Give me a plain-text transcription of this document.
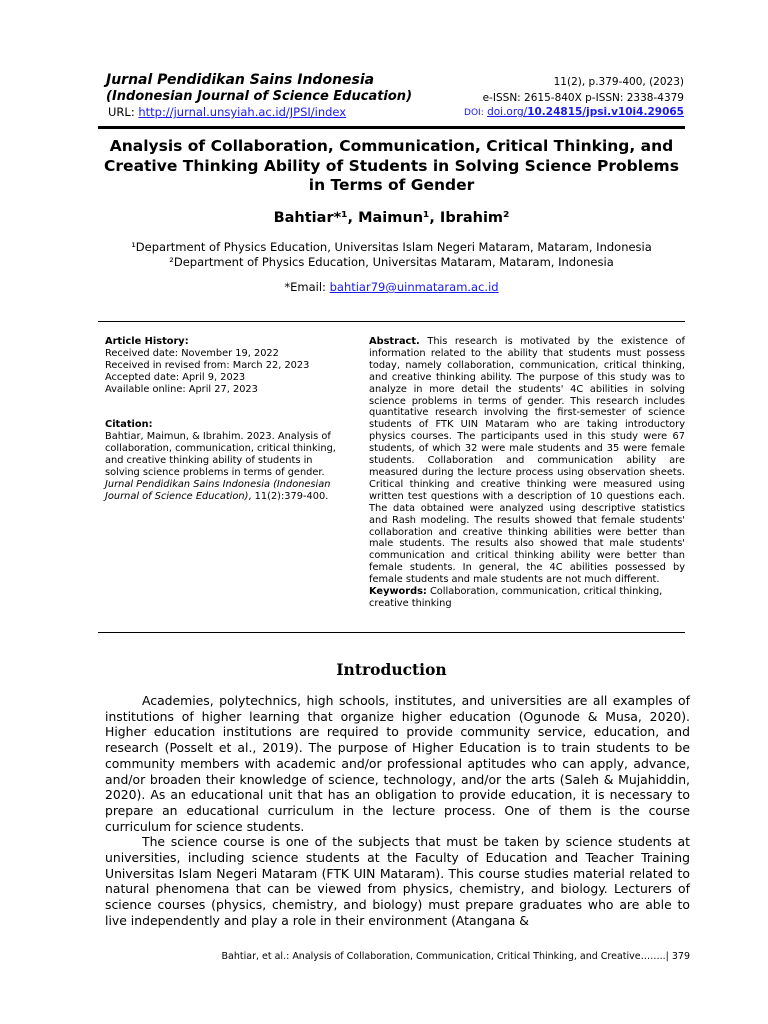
Jurnal Pendidikan Sains Indonesia
(Indonesian Journal of Science Education)
URL: http://jurnal.unsyiah.ac.id/JPSI/index
11(2), p.379-400, (2023)
e-ISSN: 2615-840X p-ISSN: 2338-4379
DOI: doi.org/10.24815/jpsi.v10i4.29065
Analysis of Collaboration, Communication, Critical Thinking, and Creative Thinking Ability of Students in Solving Science Problems in Terms of Gender
Bahtiar*¹, Maimun¹, Ibrahim²
¹Department of Physics Education, Universitas Islam Negeri Mataram, Mataram, Indonesia
²Department of Physics Education, Universitas Mataram, Mataram, Indonesia
*Email: bahtiar79@uinmataram.ac.id

Article History:

Received date: November 19, 2022

Received in revised from: March 22, 2023

Accepted date: April 9, 2023

Available online: April 27, 2023

Citation:

Bahtiar, Maimun, & Ibrahim. 2023. Analysis of collaboration, communication, critical thinking, and creative thinking ability of students in solving science problems in terms of gender. Jurnal Pendidikan Sains Indonesia (Indonesian Journal of Science Education), 11(2):379-400.

Abstract. This research is motivated by the existence of information related to the ability that students must possess today, namely collaboration, communication, critical thinking, and creative thinking ability. The purpose of this study was to analyze in more detail the students' 4C abilities in solving science problems in terms of gender. This research includes quantitative research involving the first-semester of science students of FTK UIN Mataram who are taking introductory physics courses. The participants used in this study were 67 students, of which 32 were male students and 35 were female students. Collaboration and communication ability are measured during the lecture process using observation sheets. Critical thinking and creative thinking were measured using written test questions with a description of 10 questions each. The data obtained were analyzed using descriptive statistics and Rash modeling. The results showed that female students' collaboration and creative thinking abilities were better than male students. The results also showed that male students' communication and critical thinking ability were better than female students. In general, the 4C abilities possessed by female students and male students are not much different.

Keywords: Collaboration, communication, critical thinking, creative thinking

Introduction

Academies, polytechnics, high schools, institutes, and universities are all examples of institutions of higher learning that organize higher education (Ogunode & Musa, 2020). Higher education institutions are required to provide community service, education, and research (Posselt et al., 2019). The purpose of Higher Education is to train students to be community members with academic and/or professional aptitudes who can apply, advance, and/or broaden their knowledge of science, technology, and/or the arts (Saleh & Mujahiddin, 2020). As an educational unit that has an obligation to provide education, it is necessary to prepare an educational curriculum in the lecture process. One of them is the course curriculum for science students.

The science course is one of the subjects that must be taken by science students at universities, including science students at the Faculty of Education and Teacher Training Universitas Islam Negeri Mataram (FTK UIN Mataram). This course studies material related to natural phenomena that can be viewed from physics, chemistry, and biology. Lecturers of science courses (physics, chemistry, and biology) must prepare graduates who are able to live independently and play a role in their environment (Atangana &

Bahtiar, et al.: Analysis of Collaboration, Communication, Critical Thinking, and Creative……..| 379
